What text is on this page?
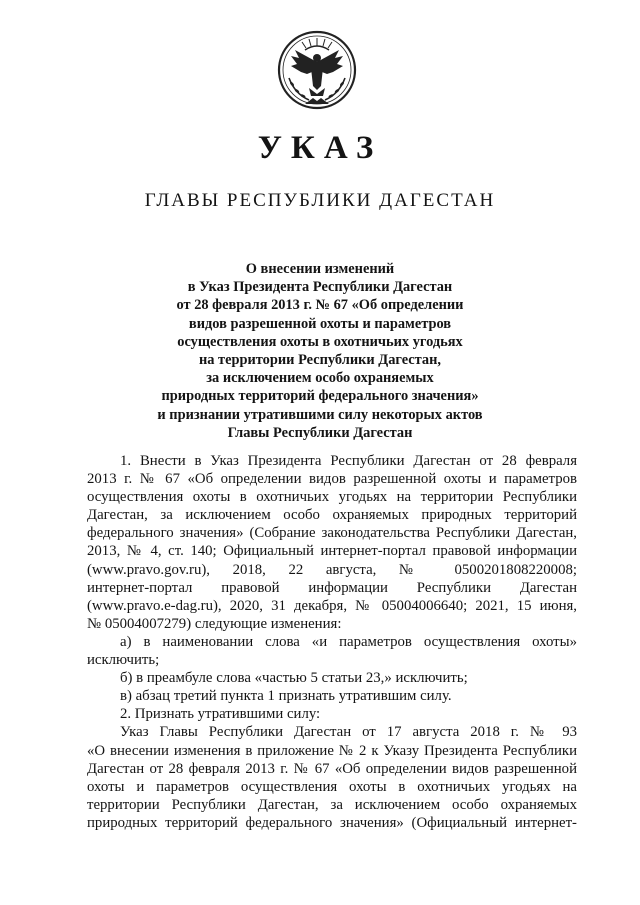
УКАЗ
ГЛАВЫ РЕСПУБЛИКИ ДАГЕСТАН
О внесении изменений
в Указ Президента Республики Дагестан
от 28 февраля 2013 г. № 67 «Об определении
видов разрешенной охоты и параметров
осуществления охоты в охотничьих угодьях
на территории Республики Дагестан,
за исключением особо охраняемых
природных территорий федерального значения»
и признании утратившими силу некоторых актов
Главы Республики Дагестан
1. Внести в Указ Президента Республики Дагестан от 28 февраля
2013 г. № 67 «Об определении видов разрешенной охоты и параметров
осуществления охоты в охотничьих угодьях на территории Республики
Дагестан, за исключением особо охраняемых природных территорий
федерального значения» (Собрание законодательства Республики Дагестан,
2013, № 4, ст. 140; Официальный интернет-портал правовой информации
(www.pravo.gov.ru), 2018, 22 августа, № 0500201808220008;
интернет-портал правовой информации Республики Дагестан
(www.pravo.e-dag.ru), 2020, 31 декабря, № 05004006640; 2021, 15 июня,
№ 05004007279) следующие изменения:
а) в наименовании слова «и параметров осуществления охоты»
исключить;
б) в преамбуле слова «частью 5 статьи 23,» исключить;
в) абзац третий пункта 1 признать утратившим силу.
2. Признать утратившими силу:
Указ Главы Республики Дагестан от 17 августа 2018 г. № 93
«О внесении изменения в приложение № 2 к Указу Президента Республики
Дагестан от 28 февраля 2013 г. № 67 «Об определении видов разрешенной
охоты и параметров осуществления охоты в охотничьих угодьях на
территории Республики Дагестан, за исключением особо охраняемых
природных территорий федерального значения» (Официальный интернет-
